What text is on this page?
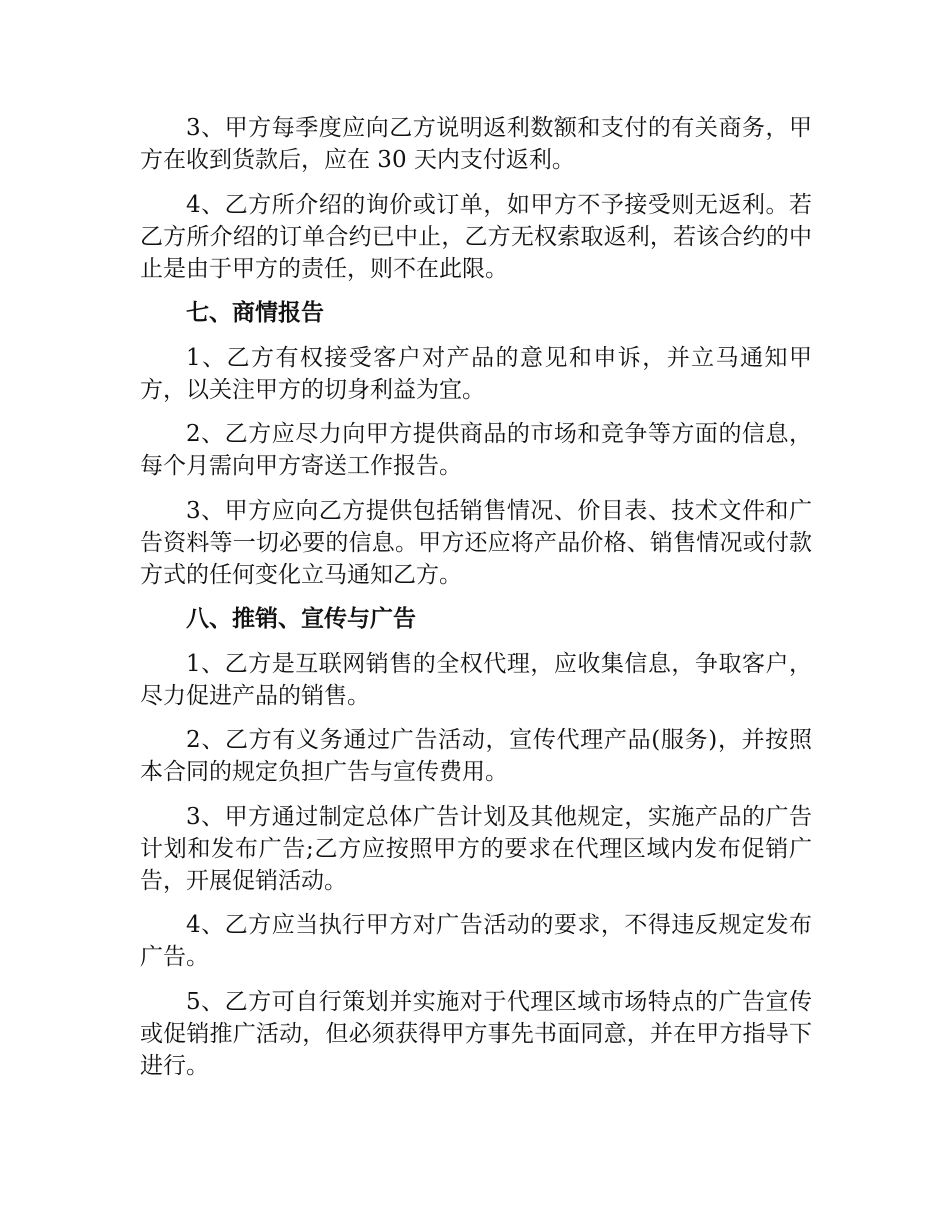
3、甲方每季度应向乙方说明返利数额和支付的有关商务，甲方在收到货款后，应在 30 天内支付返利。

4、乙方所介绍的询价或订单，如甲方不予接受则无返利。若乙方所介绍的订单合约已中止，乙方无权索取返利，若该合约的中止是由于甲方的责任，则不在此限。

七、商情报告

1、乙方有权接受客户对产品的意见和申诉，并立马通知甲方，以关注甲方的切身利益为宜。

2、乙方应尽力向甲方提供商品的市场和竞争等方面的信息，每个月需向甲方寄送工作报告。

3、甲方应向乙方提供包括销售情况、价目表、技术文件和广告资料等一切必要的信息。甲方还应将产品价格、销售情况或付款方式的任何变化立马通知乙方。

八、推销、宣传与广告

1、乙方是互联网销售的全权代理，应收集信息，争取客户，尽力促进产品的销售。

2、乙方有义务通过广告活动，宣传代理产品(服务)，并按照本合同的规定负担广告与宣传费用。

3、甲方通过制定总体广告计划及其他规定，实施产品的广告计划和发布广告;乙方应按照甲方的要求在代理区域内发布促销广告，开展促销活动。

4、乙方应当执行甲方对广告活动的要求，不得违反规定发布广告。

5、乙方可自行策划并实施对于代理区域市场特点的广告宣传或促销推广活动，但必须获得甲方事先书面同意，并在甲方指导下进行。
